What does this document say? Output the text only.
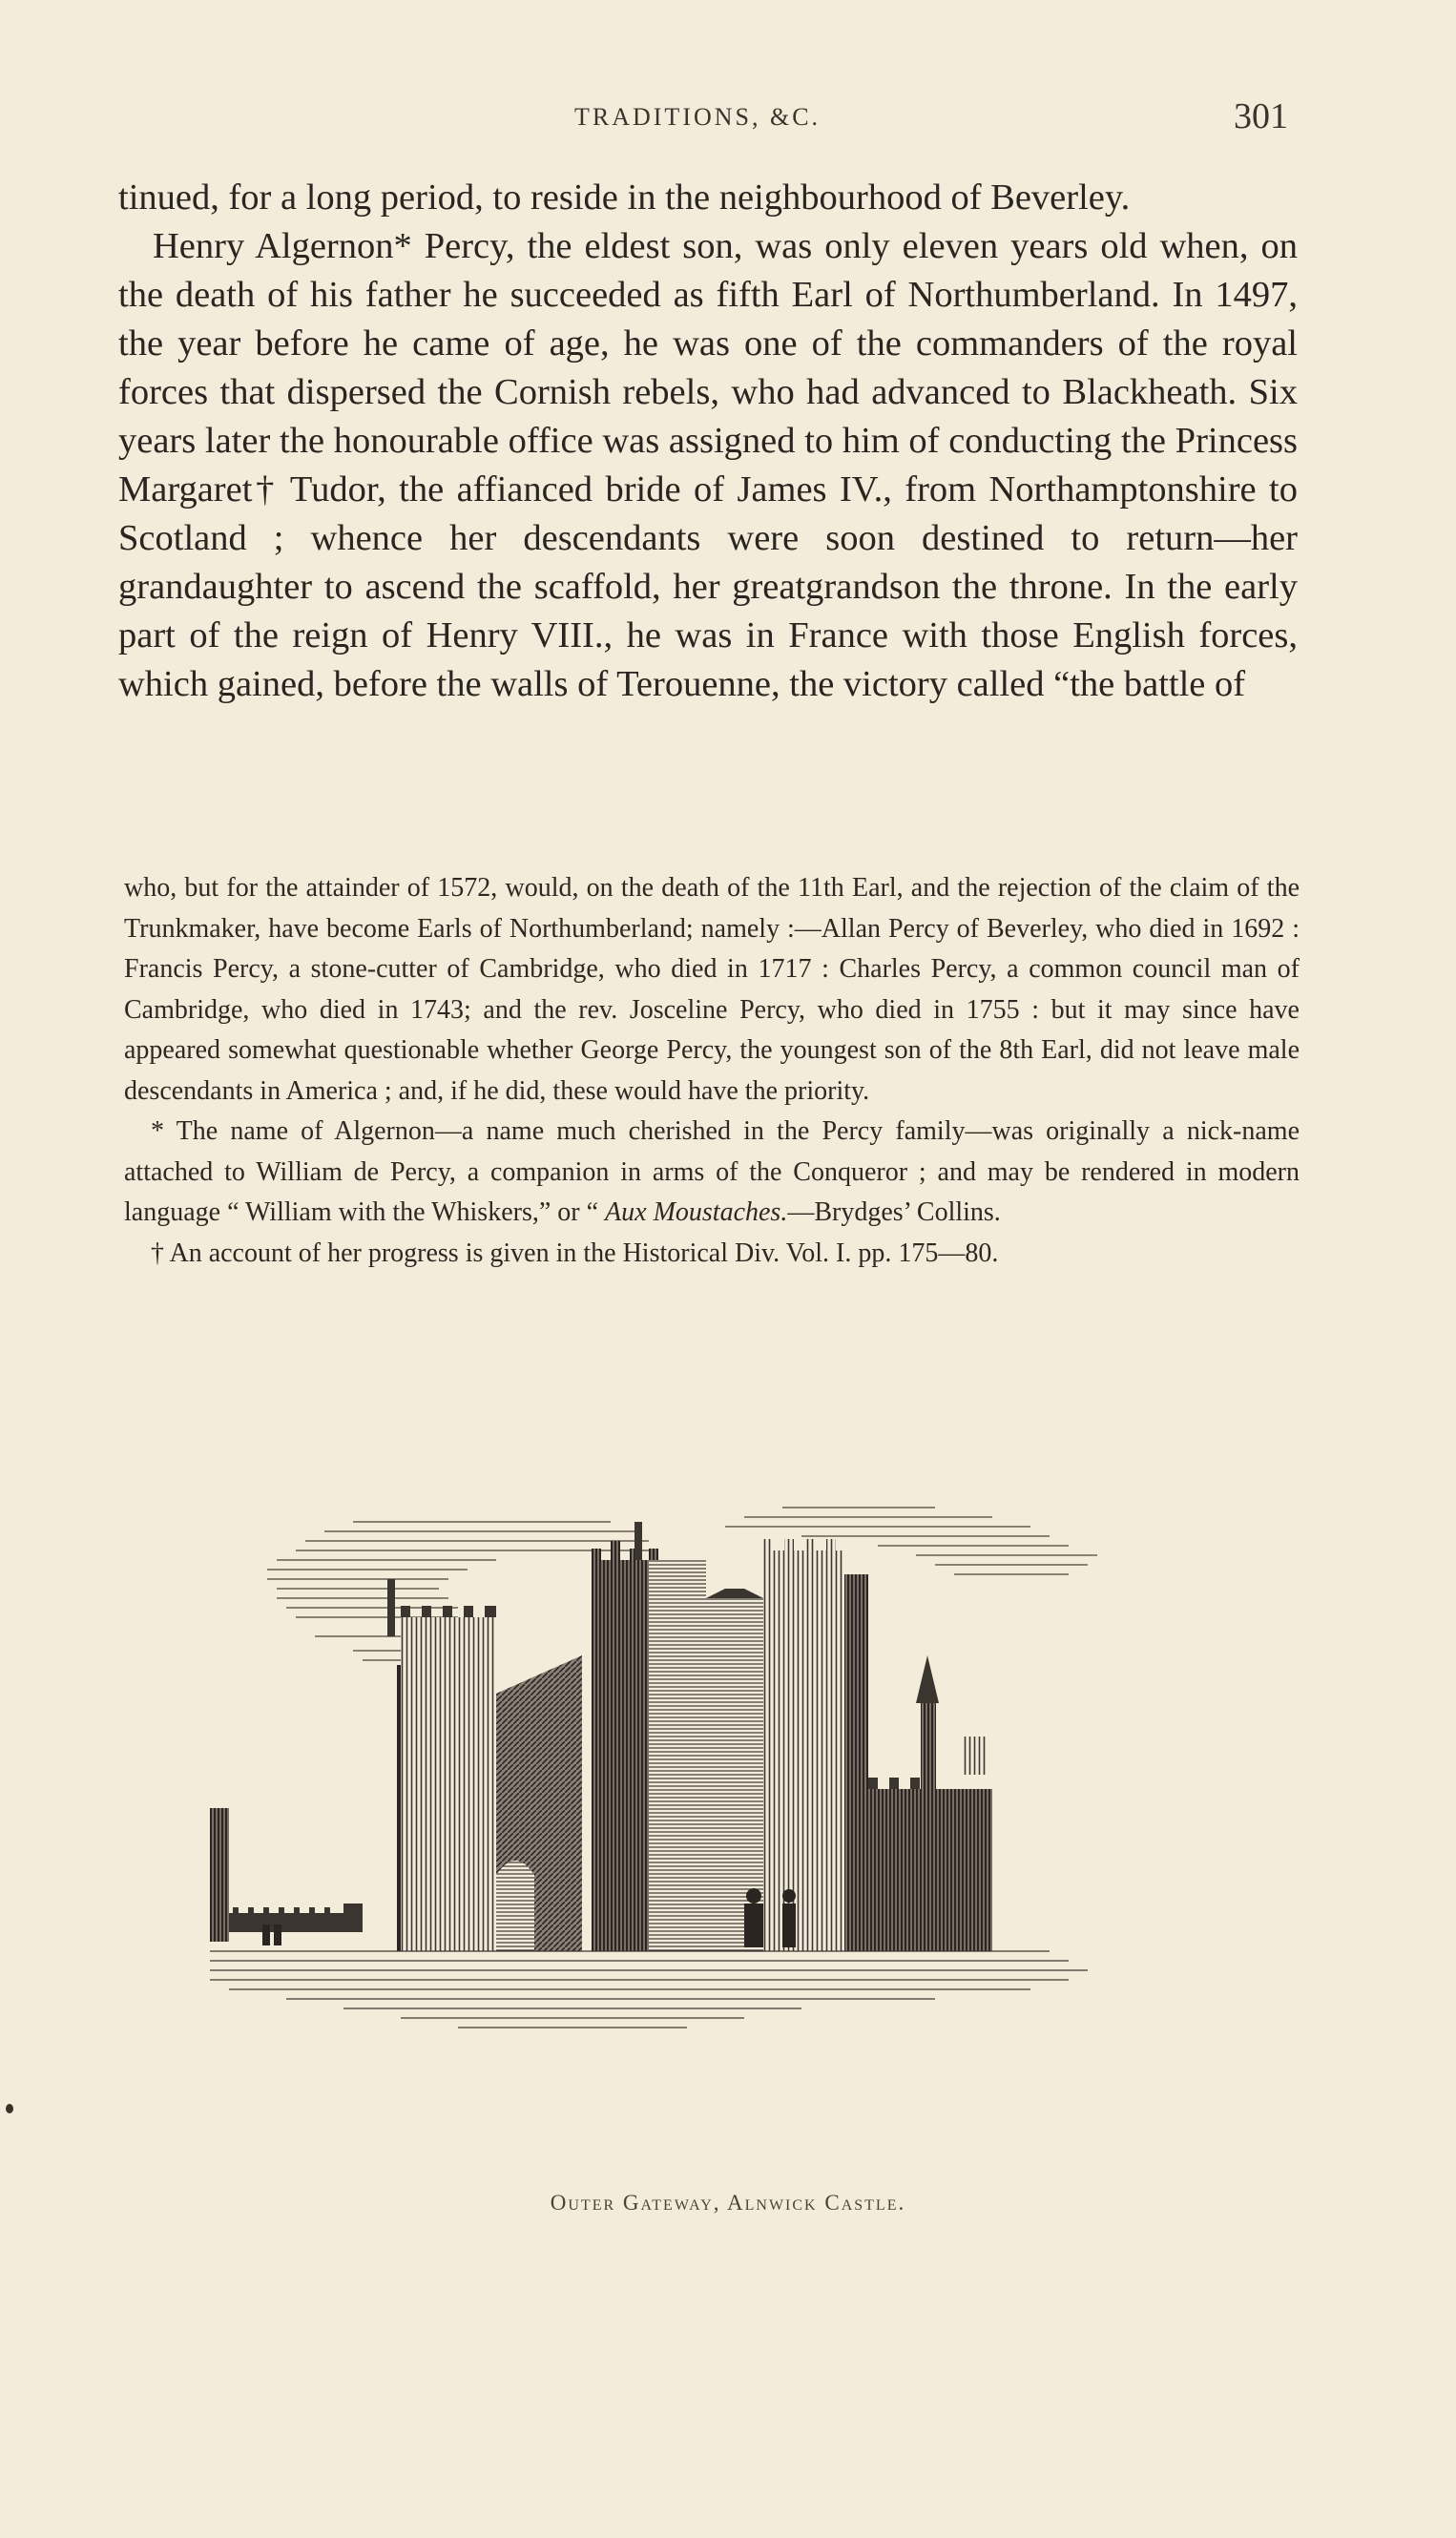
TRADITIONS, &C.	301

tinued, for a long period, to reside in the neighbourhood of Beverley.

Henry Algernon* Percy, the eldest son, was only eleven years old when, on the death of his father he succeeded as fifth Earl of Northumberland. In 1497, the year before he came of age, he was one of the commanders of the royal forces that dispersed the Cornish rebels, who had advanced to Blackheath. Six years later the honourable office was assigned to him of conducting the Princess Margaret† Tudor, the affianced bride of James IV., from Northamptonshire to Scotland ; whence her descendants were soon destined to return—her grandaughter to ascend the scaffold, her greatgrandson the throne. In the early part of the reign of Henry VIII., he was in France with those English forces, which gained, before the walls of Terouenne, the victory called “the battle of

who, but for the attainder of 1572, would, on the death of the 11th Earl, and the rejection of the claim of the Trunkmaker, have become Earls of Northumberland; namely :—Allan Percy of Beverley, who died in 1692 : Francis Percy, a stone-cutter of Cambridge, who died in 1717 : Charles Percy, a common council man of Cambridge, who died in 1743; and the rev. Josceline Percy, who died in 1755 : but it may since have appeared somewhat questionable whether George Percy, the youngest son of the 8th Earl, did not leave male descendants in America ; and, if he did, these would have the priority.

* The name of Algernon—a name much cherished in the Percy family—was originally a nick-name attached to William de Percy, a companion in arms of the Conqueror ; and may be rendered in modern language “ William with the Whiskers,” or “ Aux Moustaches.—Brydges’ Collins.

† An account of her progress is given in the Historical Div. Vol. I. pp. 175—80.

Outer Gateway, Alnwick Castle.
